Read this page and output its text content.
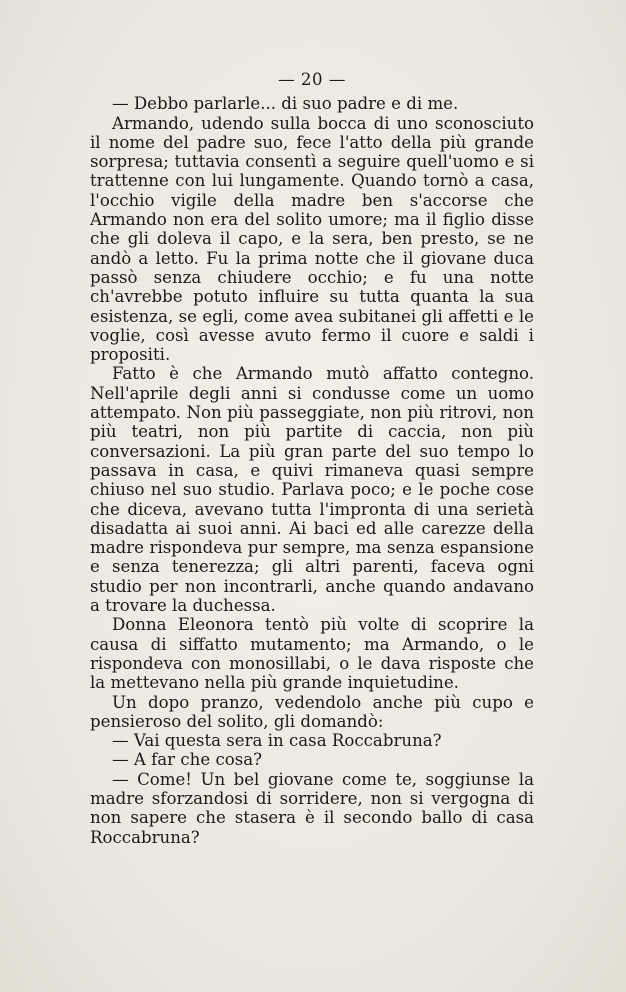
— 20 —

— Debbo parlarle... di suo padre e di me.

Armando, udendo sulla bocca di uno sconosciuto il nome del padre suo, fece l'atto della più grande sorpresa; tuttavia consentì a seguire quell'uomo e si trattenne con lui lungamente. Quando tornò a casa, l'occhio vigile della madre ben s'accorse che Armando non era del solito umore; ma il figlio disse che gli doleva il capo, e la sera, ben presto, se ne andò a letto. Fu la prima notte che il giovane duca passò senza chiudere occhio; e fu una notte ch'avrebbe potuto influire su tutta quanta la sua esistenza, se egli, come avea subitanei gli affetti e le voglie, così avesse avuto fermo il cuore e saldi i propositi.

Fatto è che Armando mutò affatto contegno. Nell'aprile degli anni si condusse come un uomo attempato. Non più passeggiate, non più ritrovi, non più teatri, non più partite di caccia, non più conversazioni. La più gran parte del suo tempo lo passava in casa, e quivi rimaneva quasi sempre chiuso nel suo studio. Parlava poco; e le poche cose che diceva, avevano tutta l'impronta di una serietà disadatta ai suoi anni. Ai baci ed alle carezze della madre rispondeva pur sempre, ma senza espansione e senza tenerezza; gli altri parenti, faceva ogni studio per non incontrarli, anche quando andavano a trovare la duchessa.

Donna Eleonora tentò più volte di scoprire la causa di siffatto mutamento; ma Armando, o le rispondeva con monosillabi, o le dava risposte che la mettevano nella più grande inquietudine.

Un dopo pranzo, vedendolo anche più cupo e pensieroso del solito, gli domandò:

— Vai questa sera in casa Roccabruna?

— A far che cosa?

— Come! Un bel giovane come te, soggiunse la madre sforzandosi di sorridere, non si vergogna di non sapere che stasera è il secondo ballo di casa Roccabruna?
